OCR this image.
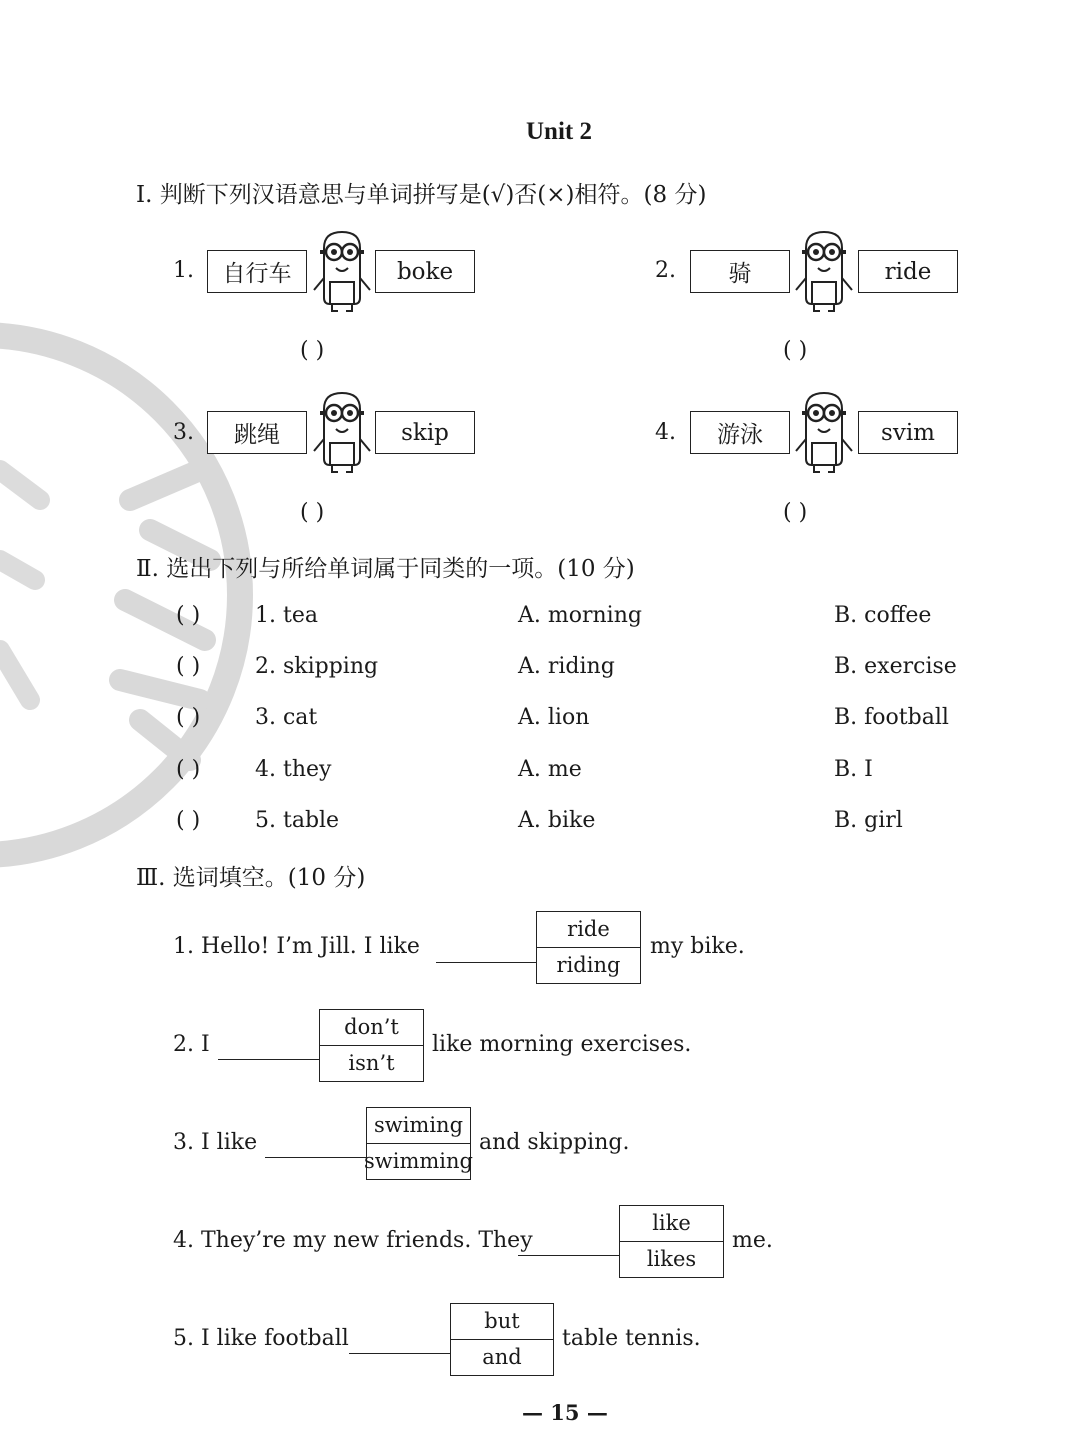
Unit 2
Ⅰ. 判断下列汉语意思与单词拼写是(√)否(×)相符。(8 分)
1. 自行车	boke
( )
2. 骑	ride
( )
3. 跳绳	skip
( )
4. 游泳	svim
( )
Ⅱ. 选出下列与所给单词属于同类的一项。(10 分)
( ) 1. tea	A. morning	B. coffee
( ) 2. skipping	A. riding	B. exercise
( ) 3. cat	A. lion	B. football
( ) 4. they	A. me	B. I
( ) 5. table	A. bike	B. girl
Ⅲ. 选词填空。(10 分)
1. Hello! I’m Jill. I like
ride
riding
my bike.
2. I
don’t
isn’t
like morning exercises.
3. I like
swiming
swimming
and skipping.
4. They’re my new friends. They
like
likes
me.
5. I like football
but
and
table tennis.
— 15 —
